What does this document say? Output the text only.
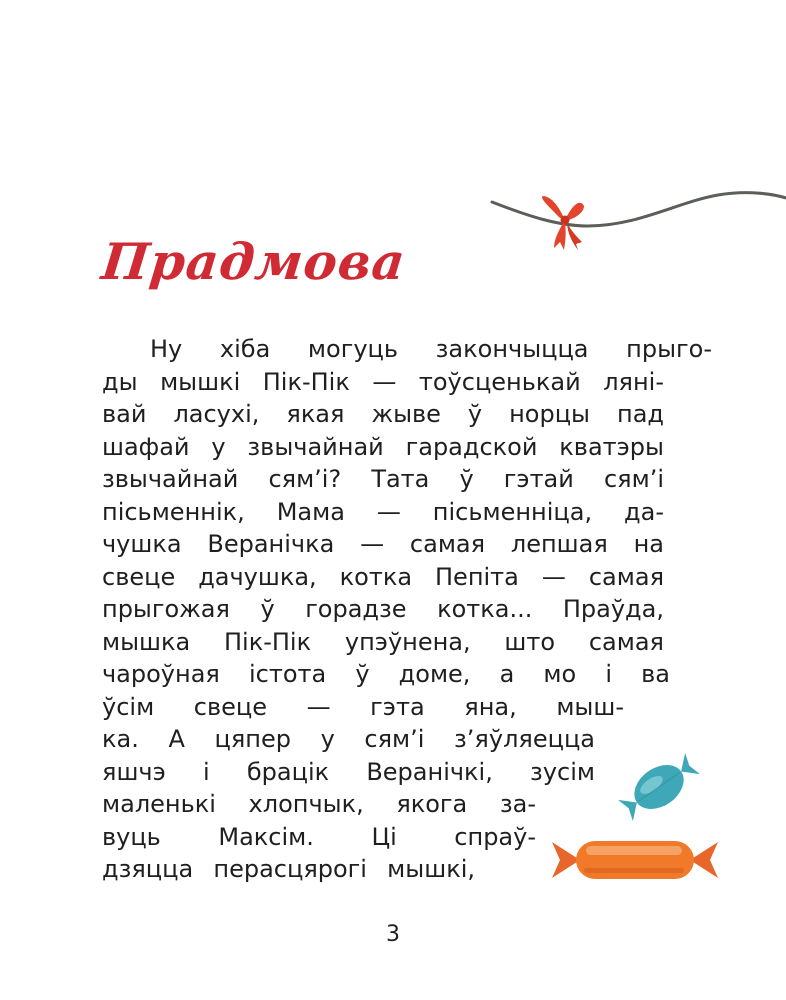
Прадмова
Ну хіба могуць закончыцца прыго-
ды мышкі Пік-Пік — тоўсценькай лянi-
вай ласухі, якая жыве ў норцы пад
шафай у звычайнай гарадской кватэры
звычайнай сям’і? Тата ў гэтай сям’і
пісьменнік, Мама — пісьменніца, да-
чушка Веранічка — самая лепшая на
свеце дачушка, котка Пепіта — самая
прыгожая ў горадзе котка... Праўда,
мышка Пік-Пік упэўнена, што самая
чароўная істота ў доме, а мо і ва
ўсім свеце — гэта яна, мыш-
ка. А цяпер у сям’і з’яўляецца
яшчэ і брацік Веранічкі, зусім
маленькі хлопчык, якога за-
вуць Максім. Ці спраў-
дзяцца перасцярогі мышкі,
3
